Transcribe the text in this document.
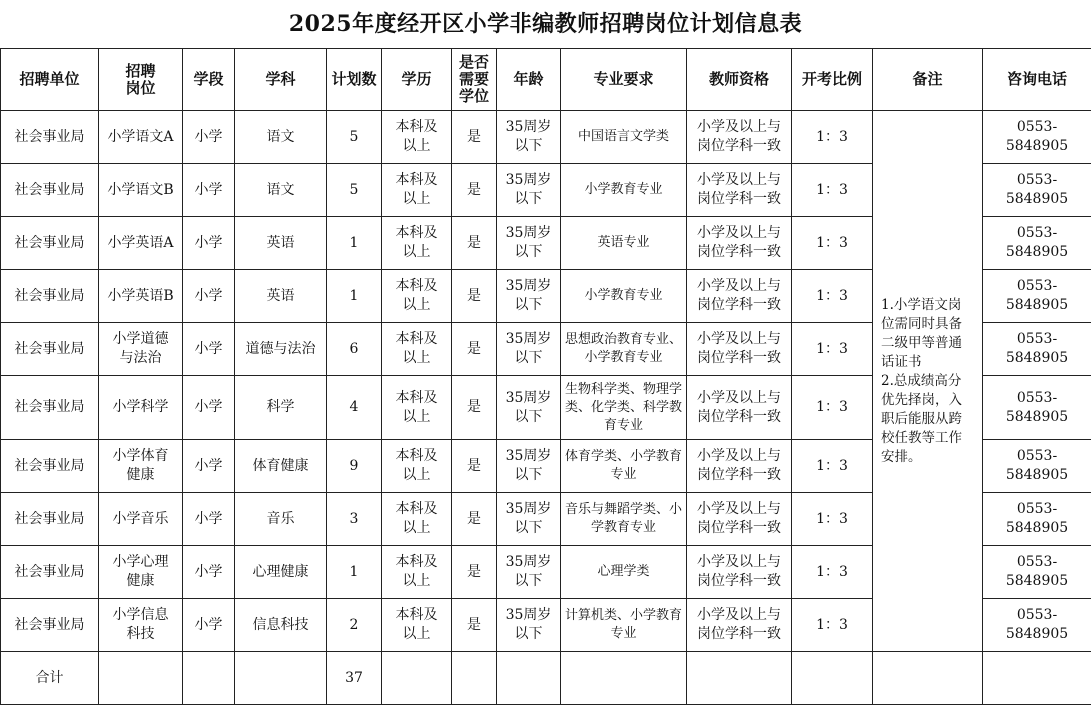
2025年度经开区小学非编教师招聘岗位计划信息表
招聘单位	招聘
岗位	学段	学科	计划数	学历	是否
需要
学位	年龄	专业要求	教师资格	开考比例	备注	咨询电话
社会事业局	小学语文A	小学	语文	5	本科及
以上	是	35周岁
以下	中国语言文学类	小学及以上与
岗位学科一致	1：3	1.小学语文岗位需同时具备二级甲等普通话证书
2.总成绩高分优先择岗，入职后能服从跨校任教等工作安排。	0553-5848905
社会事业局	小学语文B	小学	语文	5	本科及
以上	是	35周岁
以下	小学教育专业	小学及以上与
岗位学科一致	1：3		0553-5848905
社会事业局	小学英语A	小学	英语	1	本科及
以上	是	35周岁
以下	英语专业	小学及以上与
岗位学科一致	1：3		0553-5848905
社会事业局	小学英语B	小学	英语	1	本科及
以上	是	35周岁
以下	小学教育专业	小学及以上与
岗位学科一致	1：3		0553-5848905
社会事业局	小学道德
与法治	小学	道德与法治	6	本科及
以上	是	35周岁
以下	思想政治教育专业、小学教育专业	小学及以上与
岗位学科一致	1：3		0553-5848905
社会事业局	小学科学	小学	科学	4	本科及
以上	是	35周岁
以下	生物科学类、物理学类、化学类、科学教育专业	小学及以上与
岗位学科一致	1：3		0553-5848905
社会事业局	小学体育
健康	小学	体育健康	9	本科及
以上	是	35周岁
以下	体育学类、小学教育专业	小学及以上与
岗位学科一致	1：3		0553-5848905
社会事业局	小学音乐	小学	音乐	3	本科及
以上	是	35周岁
以下	音乐与舞蹈学类、小学教育专业	小学及以上与
岗位学科一致	1：3		0553-5848905
社会事业局	小学心理
健康	小学	心理健康	1	本科及
以上	是	35周岁
以下	心理学类	小学及以上与
岗位学科一致	1：3		0553-5848905
社会事业局	小学信息
科技	小学	信息科技	2	本科及
以上	是	35周岁
以下	计算机类、小学教育专业	小学及以上与
岗位学科一致	1：3		0553-5848905
合计				37								
